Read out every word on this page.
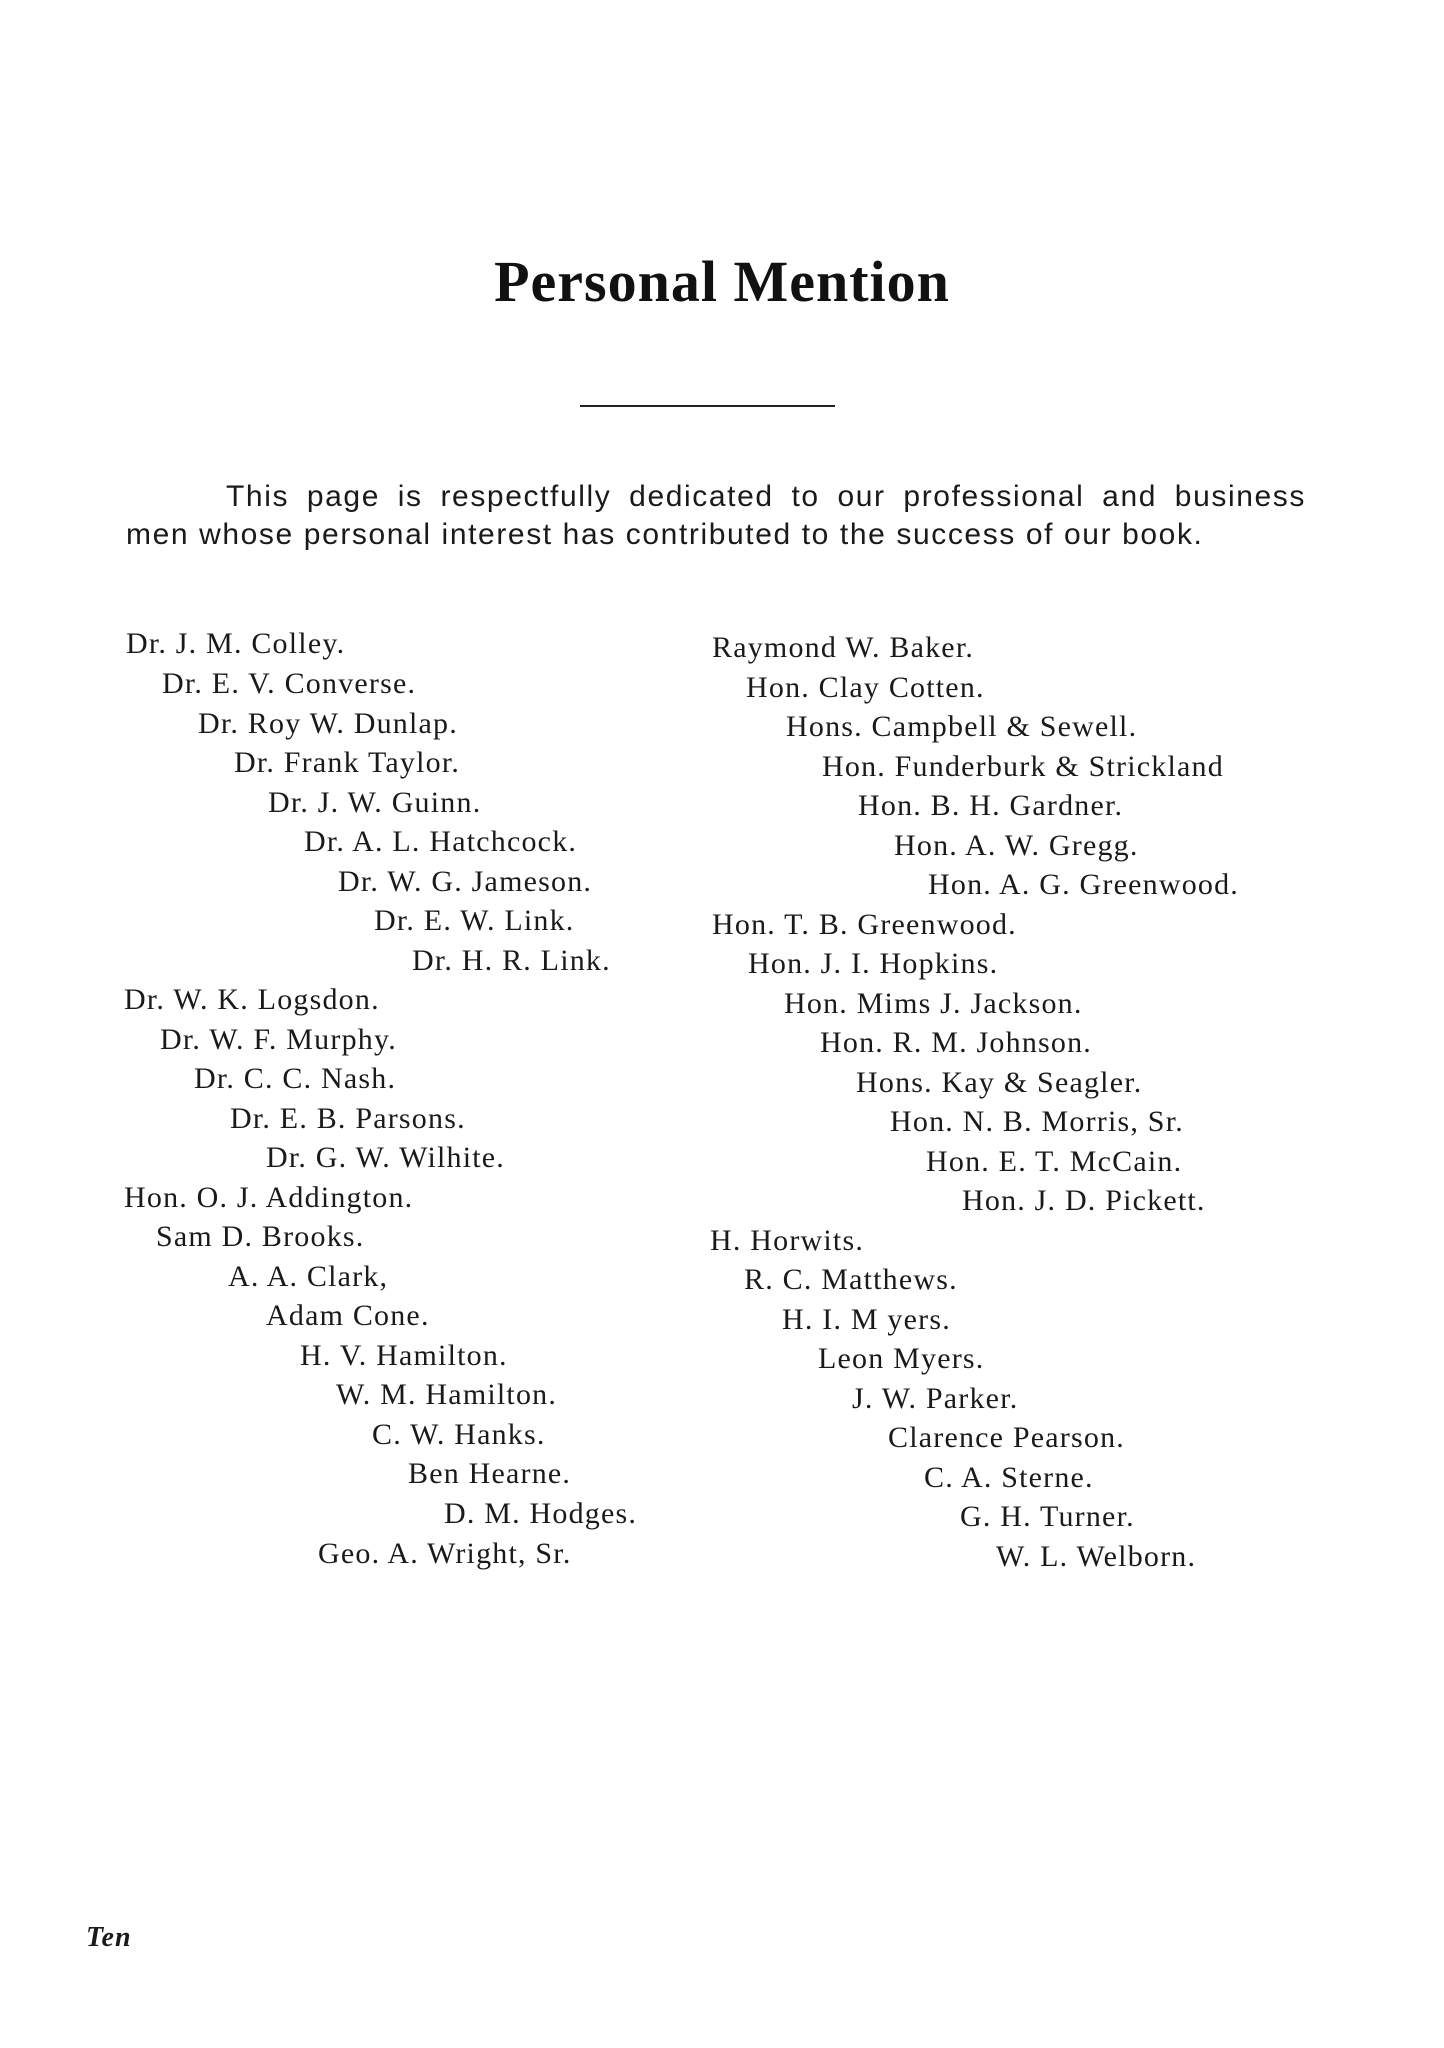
Personal Mention
This page is respectfully dedicated to our professional and business men whose personal interest has contributed to the success of our book.
Dr. J. M. Colley.
Dr. E. V. Converse.
Dr. Roy W. Dunlap.
Dr. Frank Taylor.
Dr. J. W. Guinn.
Dr. A. L. Hatchcock.
Dr. W. G. Jameson.
Dr. E. W. Link.
Dr. H. R. Link.
Dr. W. K. Logsdon.
Dr. W. F. Murphy.
Dr. C. C. Nash.
Dr. E. B. Parsons.
Dr. G. W. Wilhite.
Hon. O. J. Addington.
Sam D. Brooks.
A. A. Clark,
Adam Cone.
H. V. Hamilton.
W. M. Hamilton.
C. W. Hanks.
Ben Hearne.
D. M. Hodges.
Geo. A. Wright, Sr.
Raymond W. Baker.
Hon. Clay Cotten.
Hons. Campbell & Sewell.
Hon. Funderburk & Strickland
Hon. B. H. Gardner.
Hon. A. W. Gregg.
Hon. A. G. Greenwood.
Hon. T. B. Greenwood.
Hon. J. I. Hopkins.
Hon. Mims J. Jackson.
Hon. R. M. Johnson.
Hons. Kay & Seagler.
Hon. N. B. Morris, Sr.
Hon. E. T. McCain.
Hon. J. D. Pickett.
H. Horwits.
R. C. Matthews.
H. I. M yers.
Leon Myers.
J. W. Parker.
Clarence Pearson.
C. A. Sterne.
G. H. Turner.
W. L. Welborn.
Ten
